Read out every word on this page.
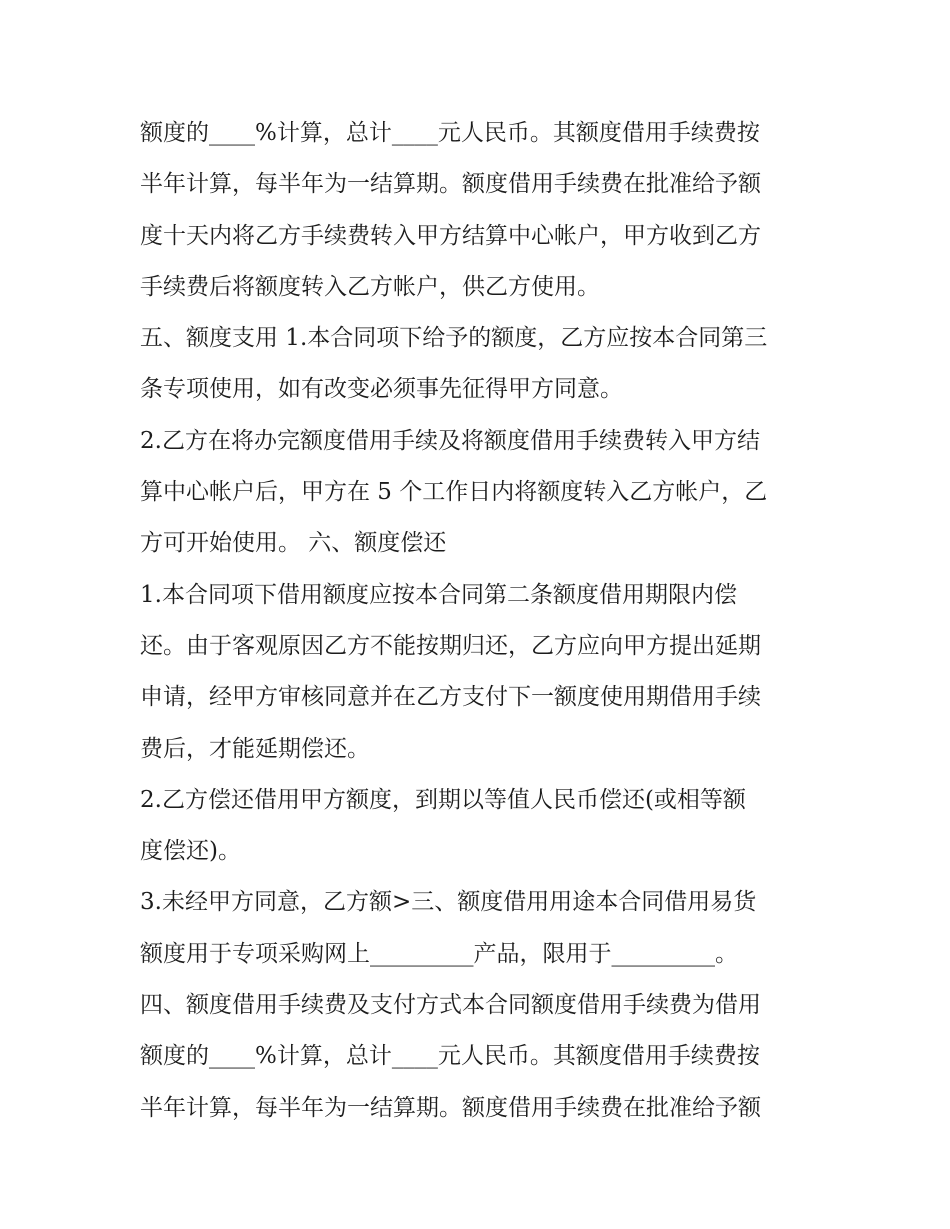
额度的____%计算，总计____元人民币。其额度借用手续费按
半年计算，每半年为一结算期。额度借用手续费在批准给予额
度十天内将乙方手续费转入甲方结算中心帐户，甲方收到乙方
手续费后将额度转入乙方帐户，供乙方使用。
五、额度支用 1.本合同项下给予的额度，乙方应按本合同第三
条专项使用，如有改变必须事先征得甲方同意。
2.乙方在将办完额度借用手续及将额度借用手续费转入甲方结
算中心帐户后，甲方在 5 个工作日内将额度转入乙方帐户，乙
方可开始使用。 六、额度偿还
1.本合同项下借用额度应按本合同第二条额度借用期限内偿
还。由于客观原因乙方不能按期归还，乙方应向甲方提出延期
申请，经甲方审核同意并在乙方支付下一额度使用期借用手续
费后，才能延期偿还。
2.乙方偿还借用甲方额度，到期以等值人民币偿还(或相等额
度偿还)。
3.未经甲方同意，乙方额>三、额度借用用途本合同借用易货
额度用于专项采购网上_________产品，限用于_________。
四、额度借用手续费及支付方式本合同额度借用手续费为借用
额度的____%计算，总计____元人民币。其额度借用手续费按
半年计算，每半年为一结算期。额度借用手续费在批准给予额
